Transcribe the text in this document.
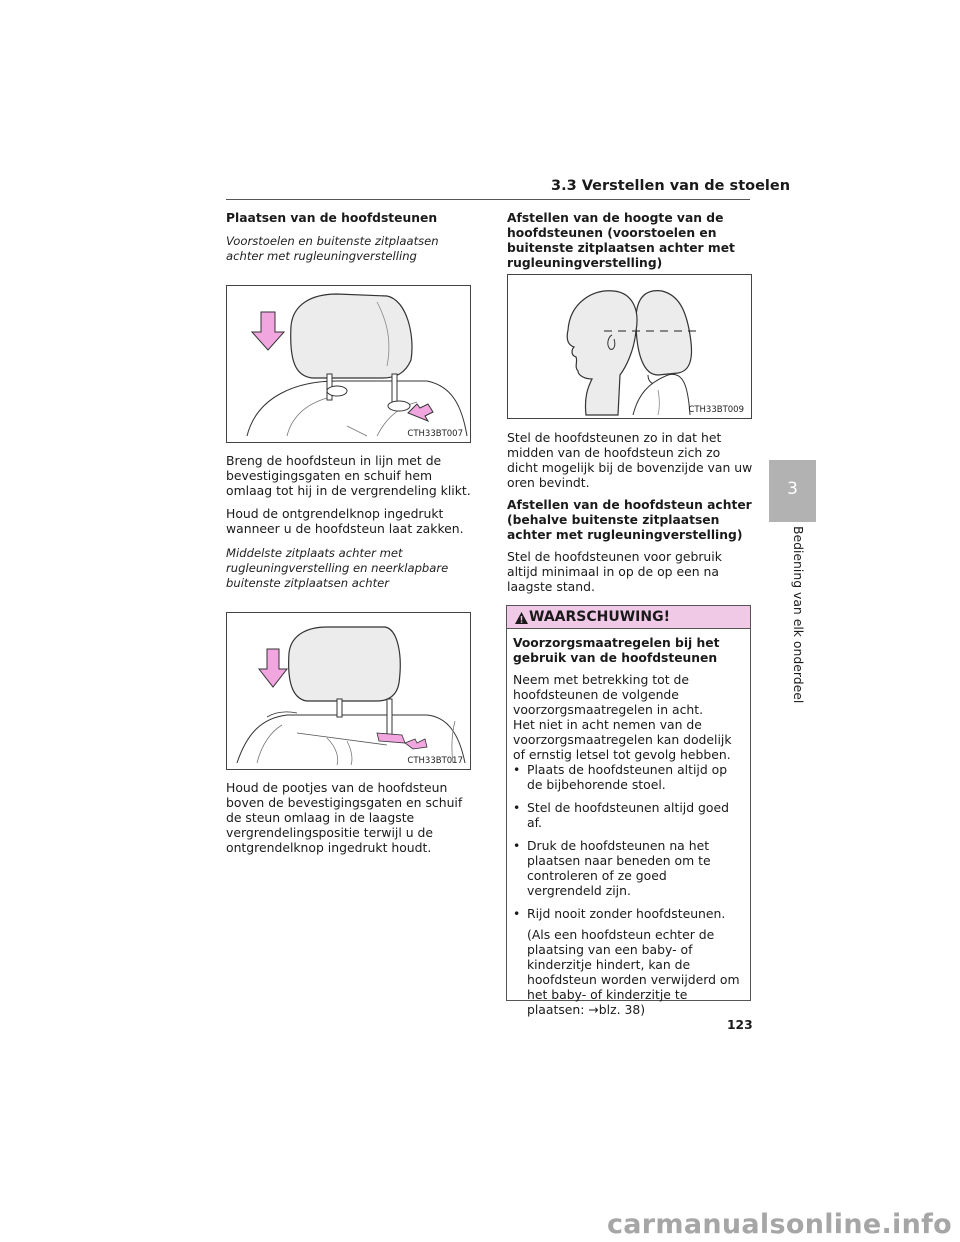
3.3 Verstellen van de stoelen

Plaatsen van de hoofdsteunen

Voorstoelen en buitenste zitplaatsen achter met rugleuningverstelling

CTH33BT007

Breng de hoofdsteun in lijn met de bevestigingsgaten en schuif hem omlaag tot hij in de vergrendeling klikt.

Houd de ontgrendelknop ingedrukt wanneer u de hoofdsteun laat zakken.

Middelste zitplaats achter met rugleuningverstelling en neerklapbare buitenste zitplaatsen achter

CTH33BT017

Houd de pootjes van de hoofdsteun boven de bevestigingsgaten en schuif de steun omlaag in de laagste vergrendelingspositie terwijl u de ontgrendelknop ingedrukt houdt.

Afstellen van de hoogte van de hoofdsteunen (voorstoelen en buitenste zitplaatsen achter met rugleuningverstelling)

CTH33BT009

Stel de hoofdsteunen zo in dat het midden van de hoofdsteun zich zo dicht mogelijk bij de bovenzijde van uw oren bevindt.

Afstellen van de hoofdsteun achter (behalve buitenste zitplaatsen achter met rugleuningverstelling)

Stel de hoofdsteunen voor gebruik altijd minimaal in op de op een na laagste stand.

WAARSCHUWING!

Voorzorgsmaatregelen bij het gebruik van de hoofdsteunen

Neem met betrekking tot de hoofdsteunen de volgende voorzorgsmaatregelen in acht.

Het niet in acht nemen van de voorzorgsmaatregelen kan dodelijk of ernstig letsel tot gevolg hebben.

• Plaats de hoofdsteunen altijd op de bijbehorende stoel.

• Stel de hoofdsteunen altijd goed af.

• Druk de hoofdsteunen na het plaatsen naar beneden om te controleren of ze goed vergrendeld zijn.

• Rijd nooit zonder hoofdsteunen.

(Als een hoofdsteun echter de plaatsing van een baby- of kinderzitje hindert, kan de hoofdsteun worden verwijderd om het baby- of kinderzitje te plaatsen: →blz. 38)

3
Bediening van elk onderdeel
123
carmanualsonline.info
